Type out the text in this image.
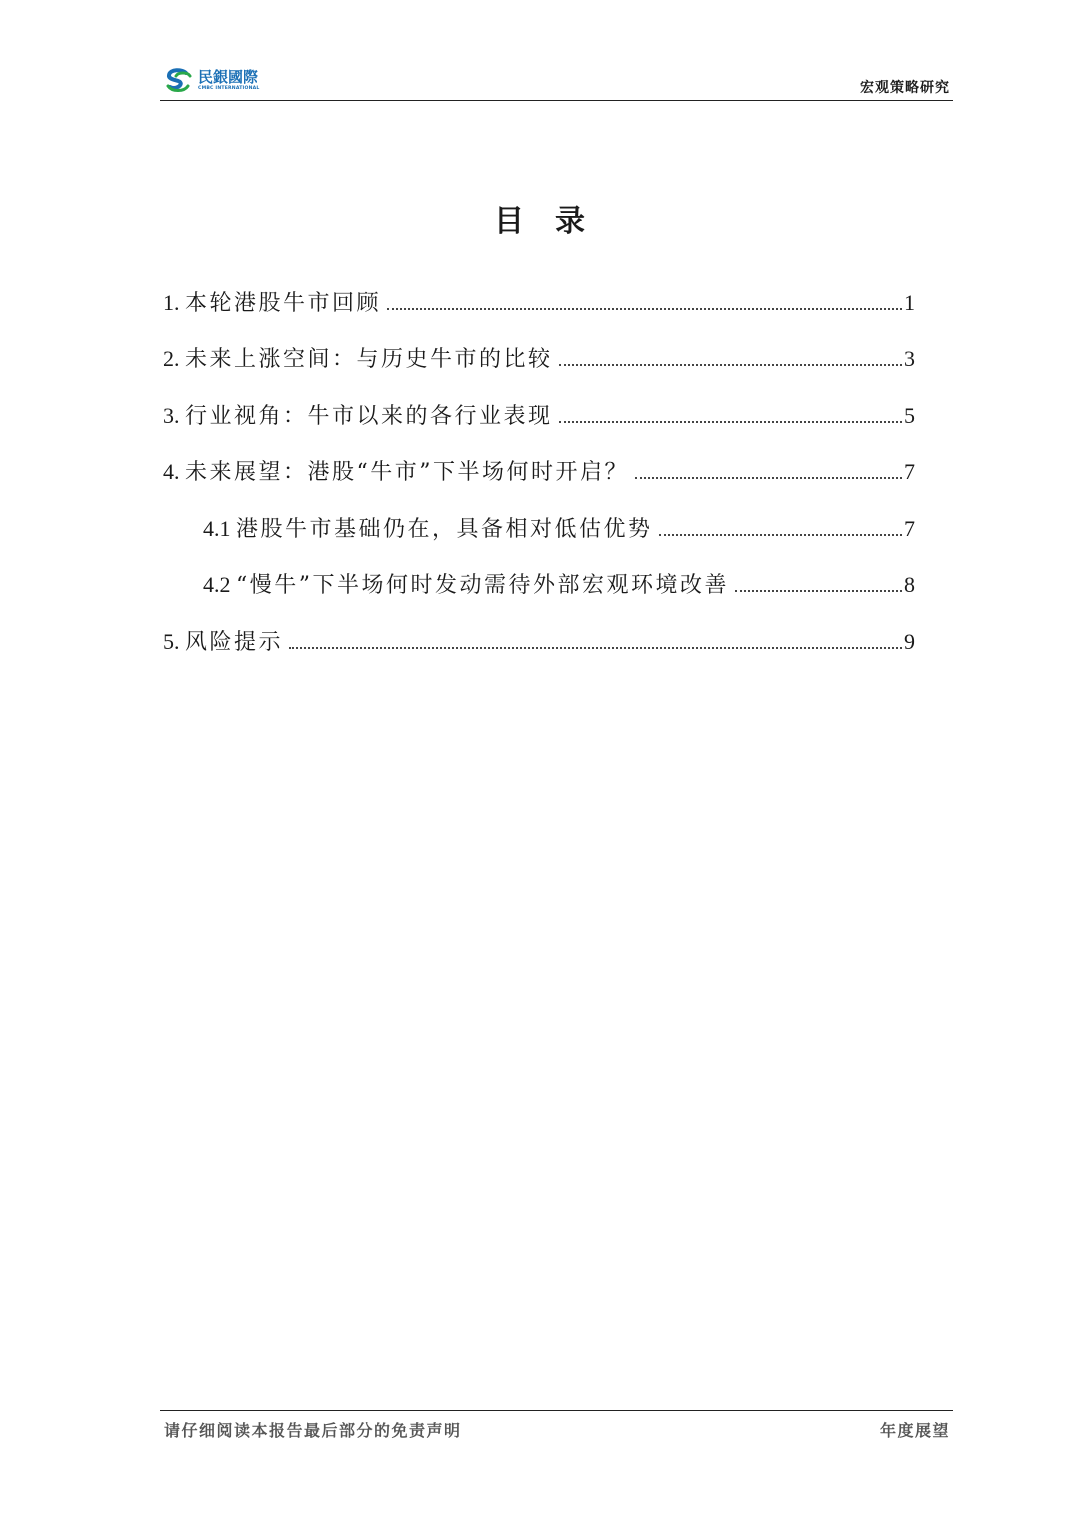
民銀國際
CMBC INTERNATIONAL	宏观策略研究
目 录
1. 本轮港股牛市回顾	1
2. 未来上涨空间：与历史牛市的比较	3
3. 行业视角：牛市以来的各行业表现	5
4. 未来展望：港股“牛市”下半场何时开启？	7
4.1 港股牛市基础仍在，具备相对低估优势	7
4.2 “慢牛”下半场何时发动需待外部宏观环境改善	8
5. 风险提示	9
请仔细阅读本报告最后部分的免责声明	年度展望
